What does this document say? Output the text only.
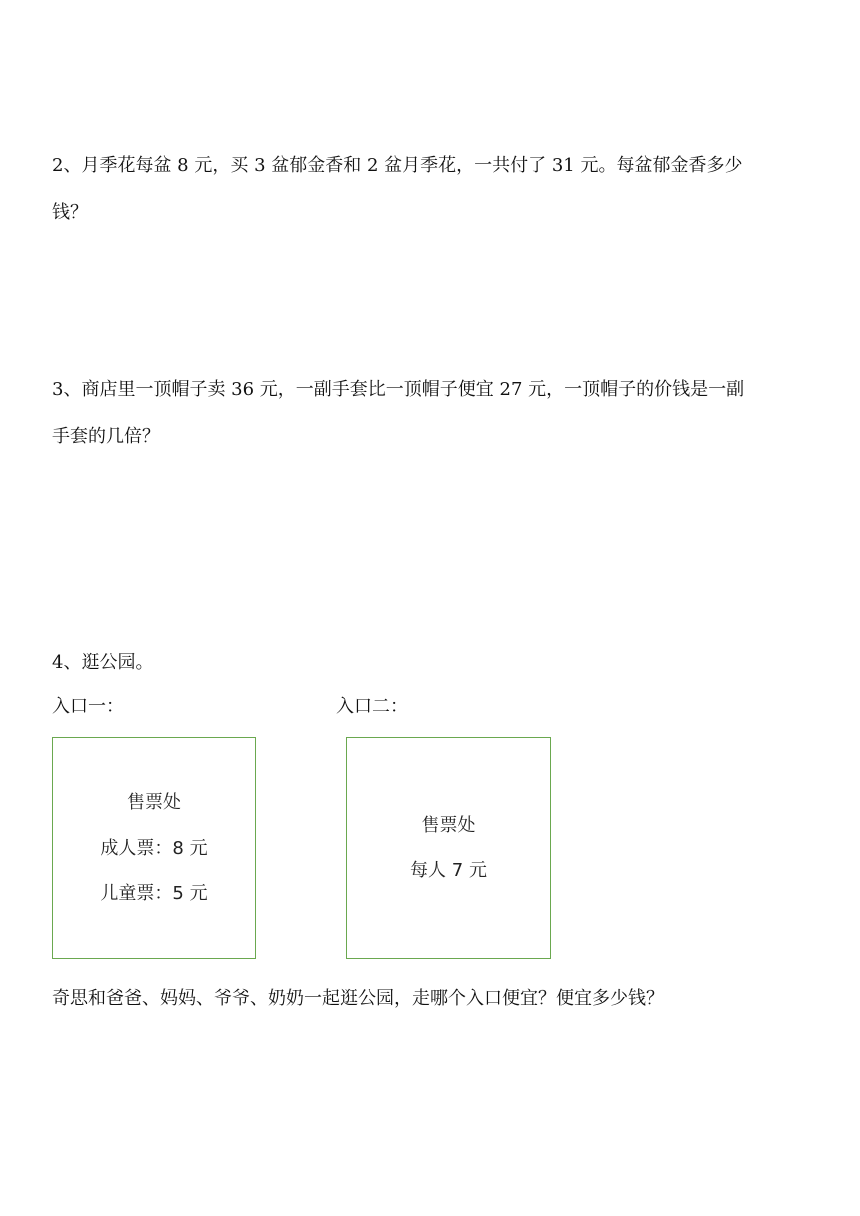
2、月季花每盆 8 元，买 3 盆郁金香和 2 盆月季花，一共付了 31 元。每盆郁金香多少
钱？
3、商店里一顶帽子卖 36 元，一副手套比一顶帽子便宜 27 元，一顶帽子的价钱是一副
手套的几倍？
4、逛公园。
入口一：	入口二：
售票处
成人票：8 元
儿童票：5 元
售票处
每人 7 元
奇思和爸爸、妈妈、爷爷、奶奶一起逛公园，走哪个入口便宜？便宜多少钱？
